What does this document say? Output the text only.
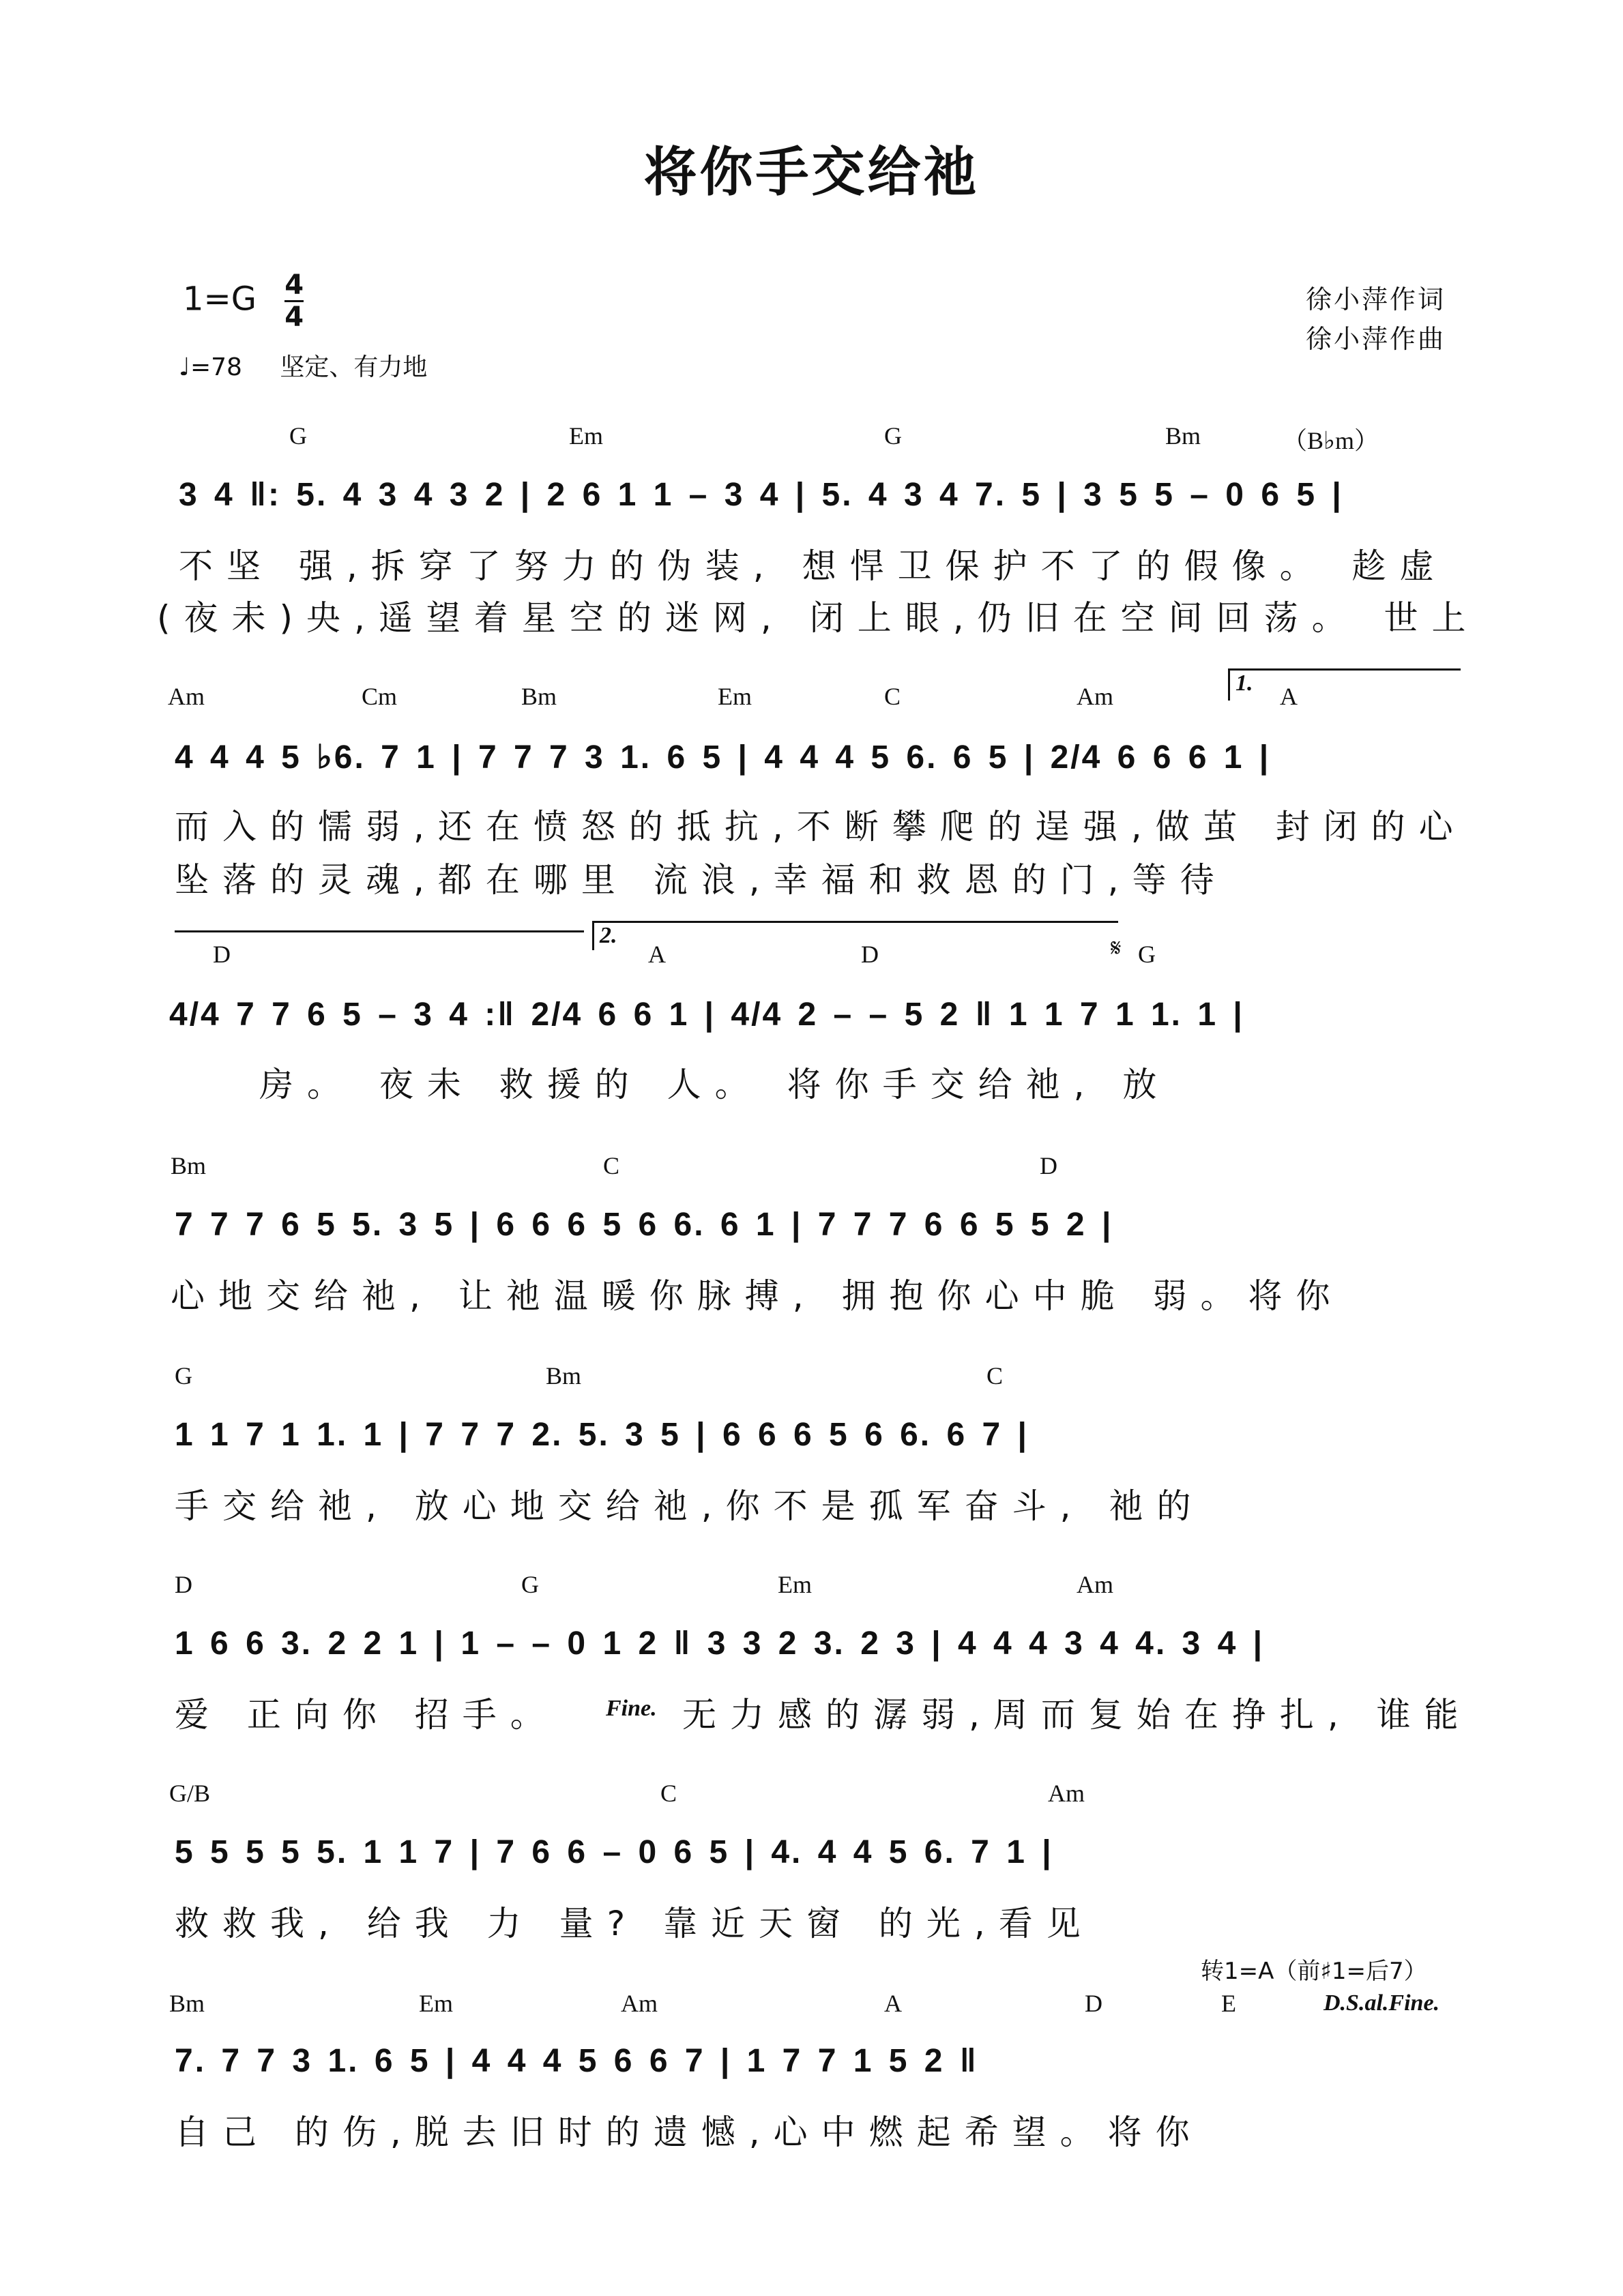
将你手交给祂
$1=G \frac{4}{4}$
♩=78 坚定、有力地
徐小萍作词
徐小萍作曲
G	Em	G	Bm	（B♭m）
3 4 ‖: 5. 4 3 4 3 2 | 2 6 1 1 – 3 4 | 5. 4 3 4 7. 5 | 3 5 5 – 0 6 5 |
不坚 强,拆穿了努力的伪装, 想悍卫保护不了的假像。 趁虚
(夜未)央,遥望着星空的迷网, 闭上眼,仍旧在空间回荡。 世上
Am	Cm	Bm	Em	C	Am	1.	A
4 4 4 5 ♭6. 7 1 | 7 7 7 3 1. 6 5 | 4 4 4 5 6. 6 5 | 2/4 6 6 6 1 |
而入的懦弱,还在愤怒的抵抗,不断攀爬的逞强,做茧 封闭的心
坠落的灵魂,都在哪里 流浪,幸福和救恩的门,等待
2.
D	A	D	𝄋 G
4/4 7 7 6 5 – 3 4 :‖ 2/4 6 6 1 | 4/4 2 – – 5 2 ‖ 1 1 7 1 1. 1 |
房。 夜未 救援的 人。 将你手交给祂, 放
Bm	C	D
7 7 7 6 5 5. 3 5 | 6 6 6 5 6 6. 6 1 | 7 7 7 6 6 5 5 2 |
心地交给祂, 让祂温暖你脉搏, 拥抱你心中脆 弱。将你
G	Bm	C
1 1 7 1 1. 1 | 7 7 7 2. 5. 3 5 | 6 6 6 5 6 6. 6 7 |
手交给祂, 放心地交给祂,你不是孤军奋斗, 祂的
D	G	Em	Am
1 6 6 3. 2 2 1 | 1 – – 0 1 2 ‖ 3 3 2 3. 2 3 | 4 4 4 3 4 4. 3 4 |
爱 正向你 招手。 Fine. 无力感的潺弱,周而复始在挣扎, 谁能
G/B	C	Am
5 5 5 5 5. 1 1 7 | 7 6 6 – 0 6 5 | 4. 4 4 5 6. 7 1 |
救救我, 给我 力 量? 靠近天窗 的光,看见
转1=A（前♯1=后7）
Bm	Em	Am	A	D	E	D.S.al.Fine.
7. 7 7 3 1. 6 5 | 4 4 4 5 6 6 7 | 1 7 7 1 5 2 ‖
自己 的伤,脱去旧时的遗憾,心中燃起希望。将你
